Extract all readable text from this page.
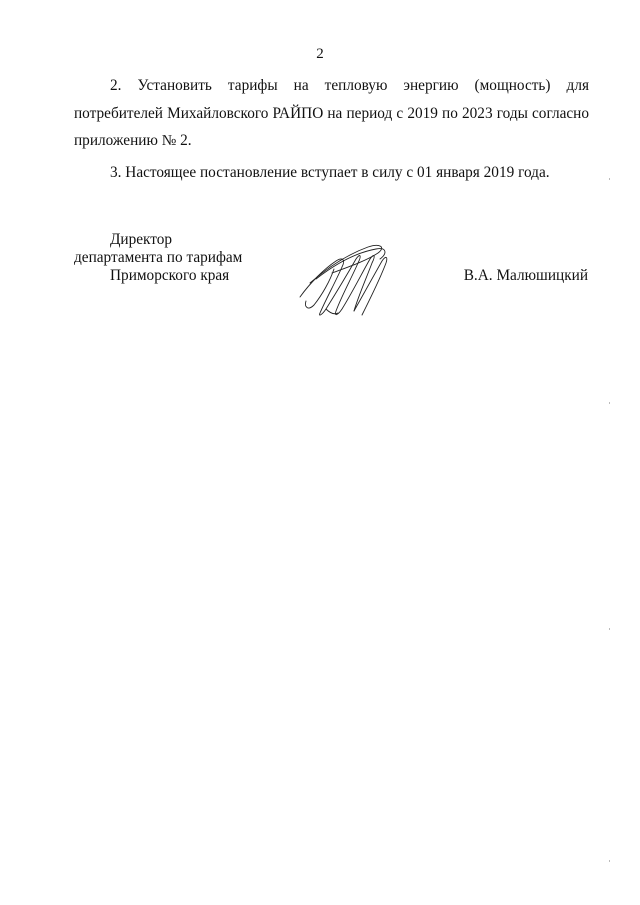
2

2. Установить тарифы на тепловую энергию (мощность) для потребителей Михайловского РАЙПО на период с 2019 по 2023 годы согласно приложению № 2.

3. Настоящее постановление вступает в силу с 01 января 2019 года.

Директор
департамента по тарифам
Приморского края	В.А. Малюшицкий
